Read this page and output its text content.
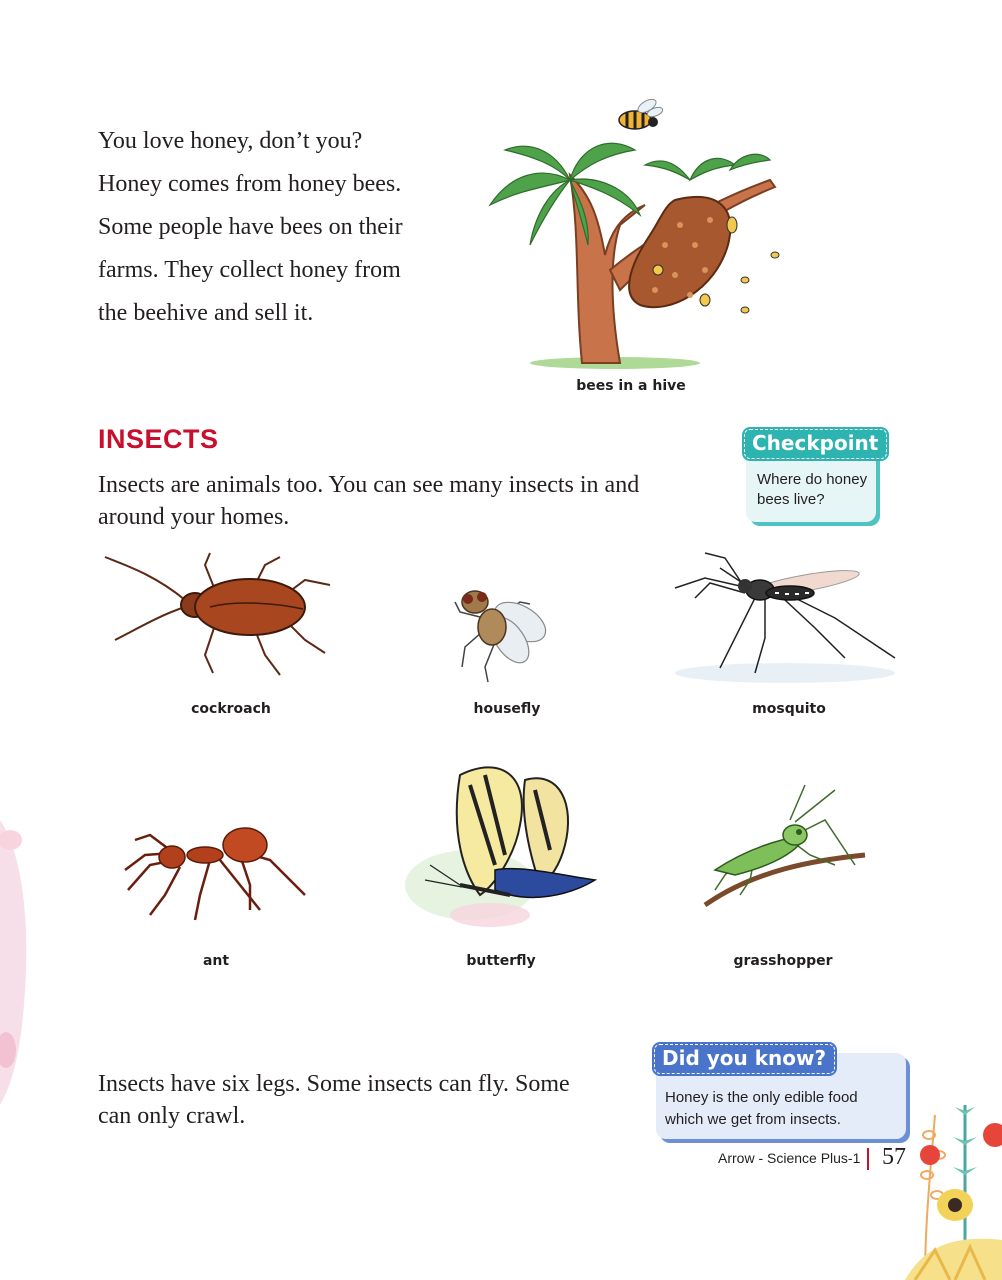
You love honey, don’t you?
Honey comes from honey bees.
Some people have bees on their
farms. They collect honey from
the beehive and sell it.
bees in a hive
INSECTS
Insects are animals too. You can see many insects in and
around your homes.
Checkpoint
Where do honey bees live?
cockroach	housefly	mosquito
ant	butterfly	grasshopper
Insects have six legs. Some insects can fly. Some
can only crawl.
Did you know?
Honey is the only edible food
which we get from insects.
Arrow - Science Plus-1 57
